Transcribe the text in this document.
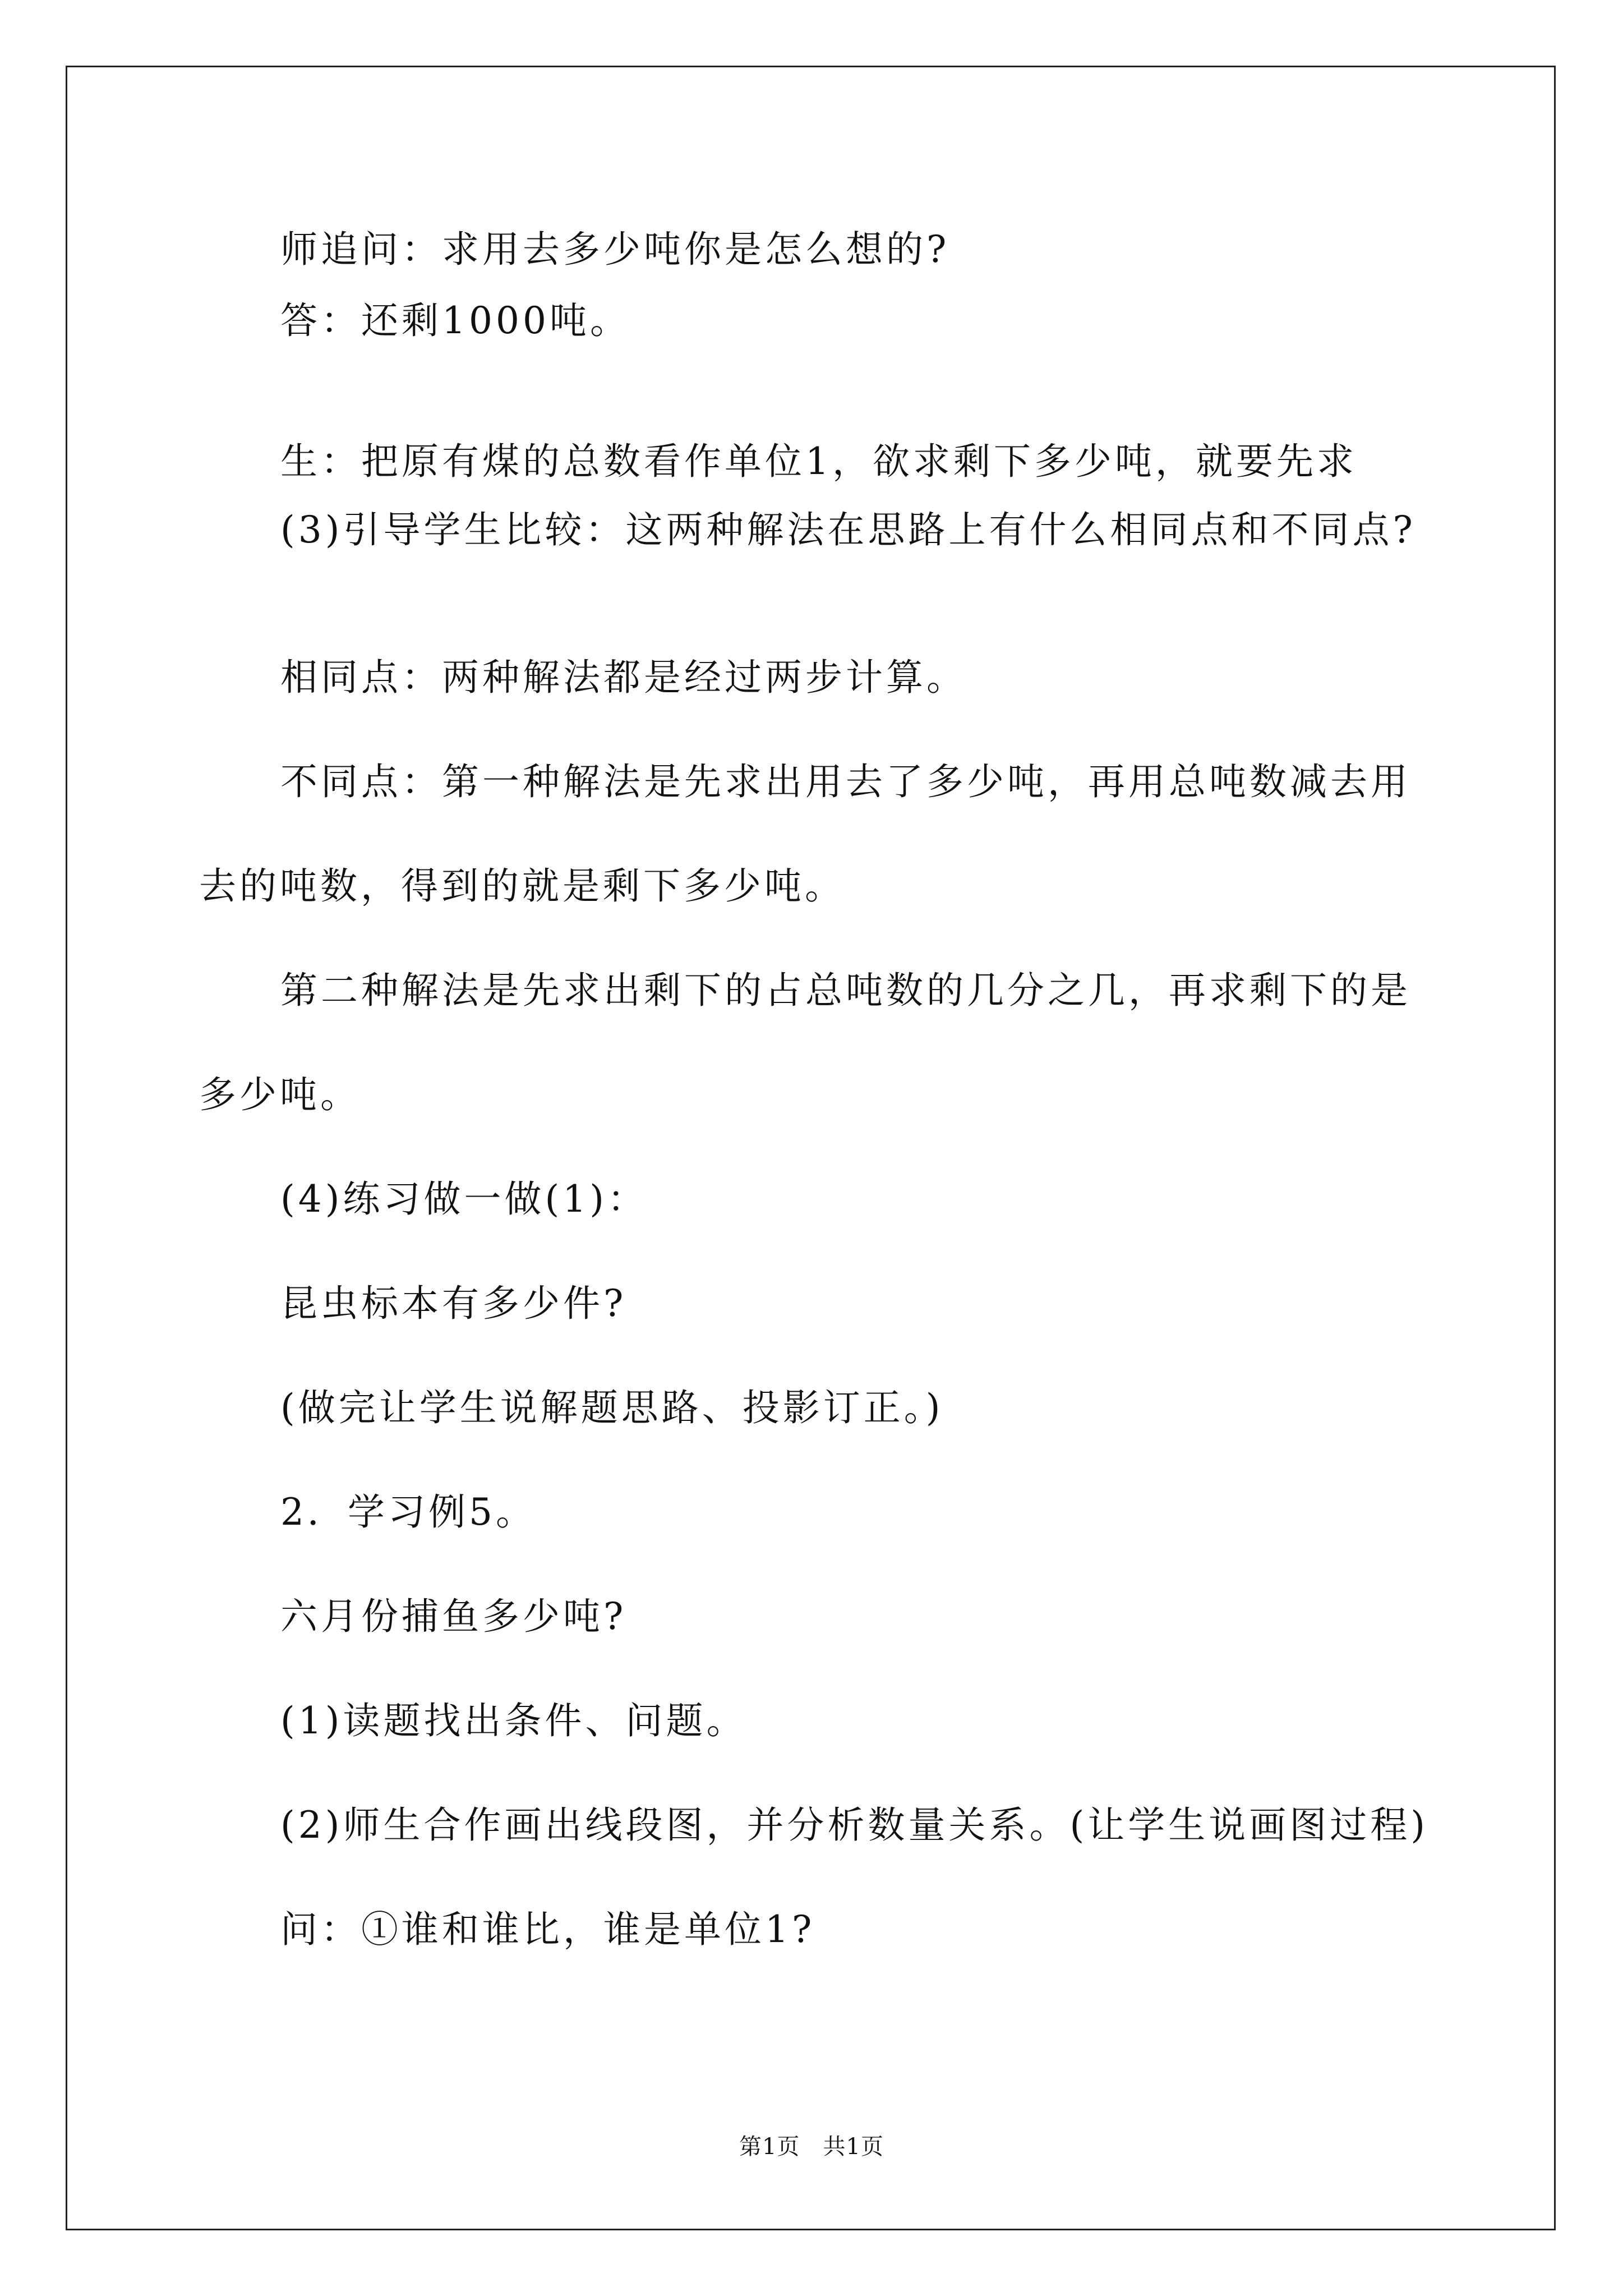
师追问：求用去多少吨你是怎么想的?

答：还剩1000吨。

生：把原有煤的总数看作单位1，欲求剩下多少吨，就要先求

(3)引导学生比较：这两种解法在思路上有什么相同点和不同点?

相同点：两种解法都是经过两步计算。

不同点：第一种解法是先求出用去了多少吨，再用总吨数减去用

去的吨数，得到的就是剩下多少吨。

第二种解法是先求出剩下的占总吨数的几分之几，再求剩下的是

多少吨。

(4)练习做一做(1)：

昆虫标本有多少件?

(做完让学生说解题思路、投影订正。)

2．学习例5。

六月份捕鱼多少吨?

(1)读题找出条件、问题。

(2)师生合作画出线段图，并分析数量关系。(让学生说画图过程)

问：①谁和谁比，谁是单位1?

第1页   共1页
